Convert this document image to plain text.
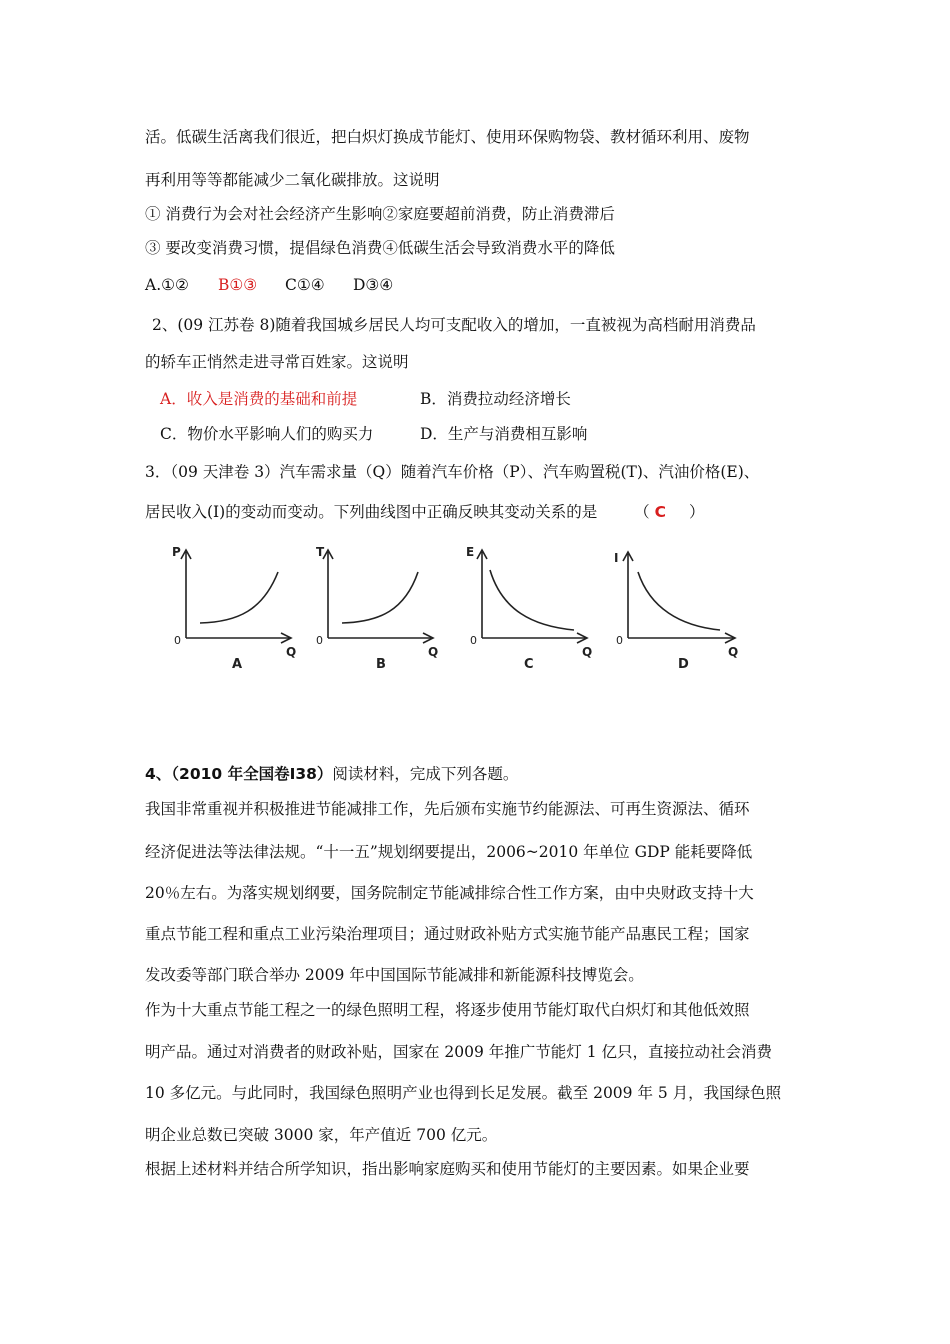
活。低碳生活离我们很近，把白炽灯换成节能灯、使用环保购物袋、教材循环利用、废物
再利用等等都能减少二氧化碳排放。这说明
① 消费行为会对社会经济产生影响②家庭要超前消费，防止消费滞后
③ 要改变消费习惯，提倡绿色消费④低碳生活会导致消费水平的降低
A.①② B①③ C①④ D③④
2、(09 江苏卷 8)随着我国城乡居民人均可支配收入的增加，一直被视为高档耐用消费品
的轿车正悄然走进寻常百姓家。这说明
A．收入是消费的基础和前提	B．消费拉动经济增长
C．物价水平影响人们的购买力	D．生产与消费相互影响
3．（09 天津卷 3）汽车需求量（Q）随着汽车价格（P）、汽车购置税(T)、汽油价格(E)、
居民收入(I)的变动而变动。下列曲线图中正确反映其变动关系的是 （ C ）
P
0
Q
A
T
0
Q
B
E
0
Q
C
I
0
Q
D
4、（2010 年全国卷Ⅰ38）阅读材料，完成下列各题。
我国非常重视并积极推进节能减排工作，先后颁布实施节约能源法、可再生资源法、循环
经济促进法等法律法规。“十一五”规划纲要提出，2006~2010 年单位 GDP 能耗要降低
20％左右。为落实规划纲要，国务院制定节能减排综合性工作方案，由中央财政支持十大
重点节能工程和重点工业污染治理项目；通过财政补贴方式实施节能产品惠民工程；国家
发改委等部门联合举办 2009 年中国国际节能减排和新能源科技博览会。
作为十大重点节能工程之一的绿色照明工程，将逐步使用节能灯取代白炽灯和其他低效照
明产品。通过对消费者的财政补贴，国家在 2009 年推广节能灯 1 亿只，直接拉动社会消费
10 多亿元。与此同时，我国绿色照明产业也得到长足发展。截至 2009 年 5 月，我国绿色照
明企业总数已突破 3000 家，年产值近 700 亿元。
根据上述材料并结合所学知识，指出影响家庭购买和使用节能灯的主要因素。如果企业要
